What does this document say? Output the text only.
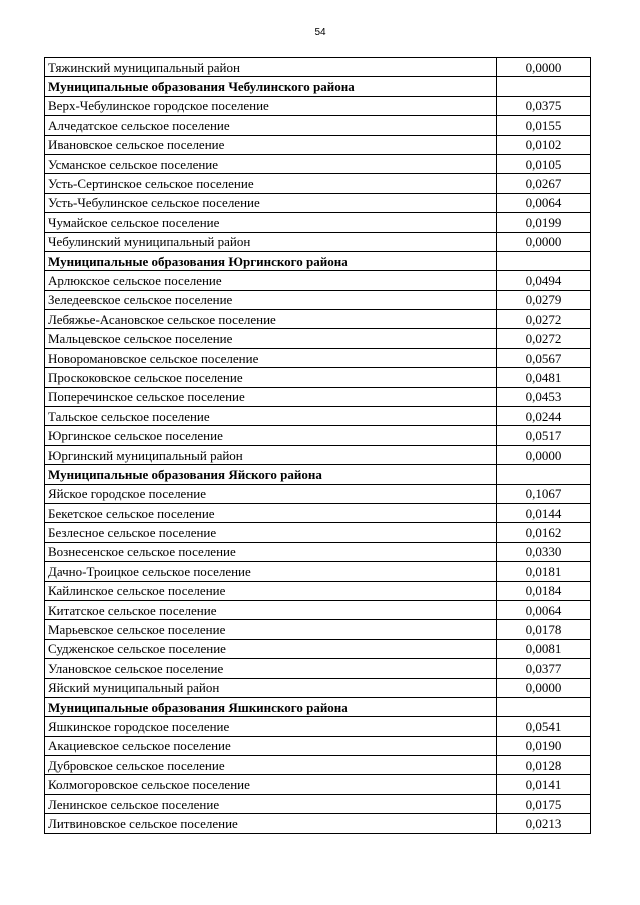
54
Тяжинский муниципальный район	0,0000
Муниципальные образования Чебулинского района	
Верх-Чебулинское городское поселение	0,0375
Алчедатское сельское поселение	0,0155
Ивановское сельское поселение	0,0102
Усманское сельское поселение	0,0105
Усть-Сертинское сельское поселение	0,0267
Усть-Чебулинское сельское поселение	0,0064
Чумайское сельское поселение	0,0199
Чебулинский муниципальный район	0,0000
Муниципальные образования Юргинского района	
Арлюкское сельское поселение	0,0494
Зеледеевское сельское поселение	0,0279
Лебяжье-Асановское сельское поселение	0,0272
Мальцевское сельское поселение	0,0272
Новоромановское сельское поселение	0,0567
Проскоковское сельское поселение	0,0481
Поперечинское сельское поселение	0,0453
Тальское сельское поселение	0,0244
Юргинское сельское поселение	0,0517
Юргинский муниципальный район	0,0000
Муниципальные образования Яйского района	
Яйское городское поселение	0,1067
Бекетское сельское поселение	0,0144
Безлесное сельское поселение	0,0162
Вознесенское сельское поселение	0,0330
Дачно-Троицкое сельское поселение	0,0181
Кайлинское сельское поселение	0,0184
Китатское сельское поселение	0,0064
Марьевское сельское поселение	0,0178
Судженское сельское поселение	0,0081
Улановское сельское поселение	0,0377
Яйский муниципальный район	0,0000
Муниципальные образования Яшкинского района	
Яшкинское городское поселение	0,0541
Акациевское сельское поселение	0,0190
Дубровское сельское поселение	0,0128
Колмогоровское сельское поселение	0,0141
Ленинское сельское поселение	0,0175
Литвиновское сельское поселение	0,0213
